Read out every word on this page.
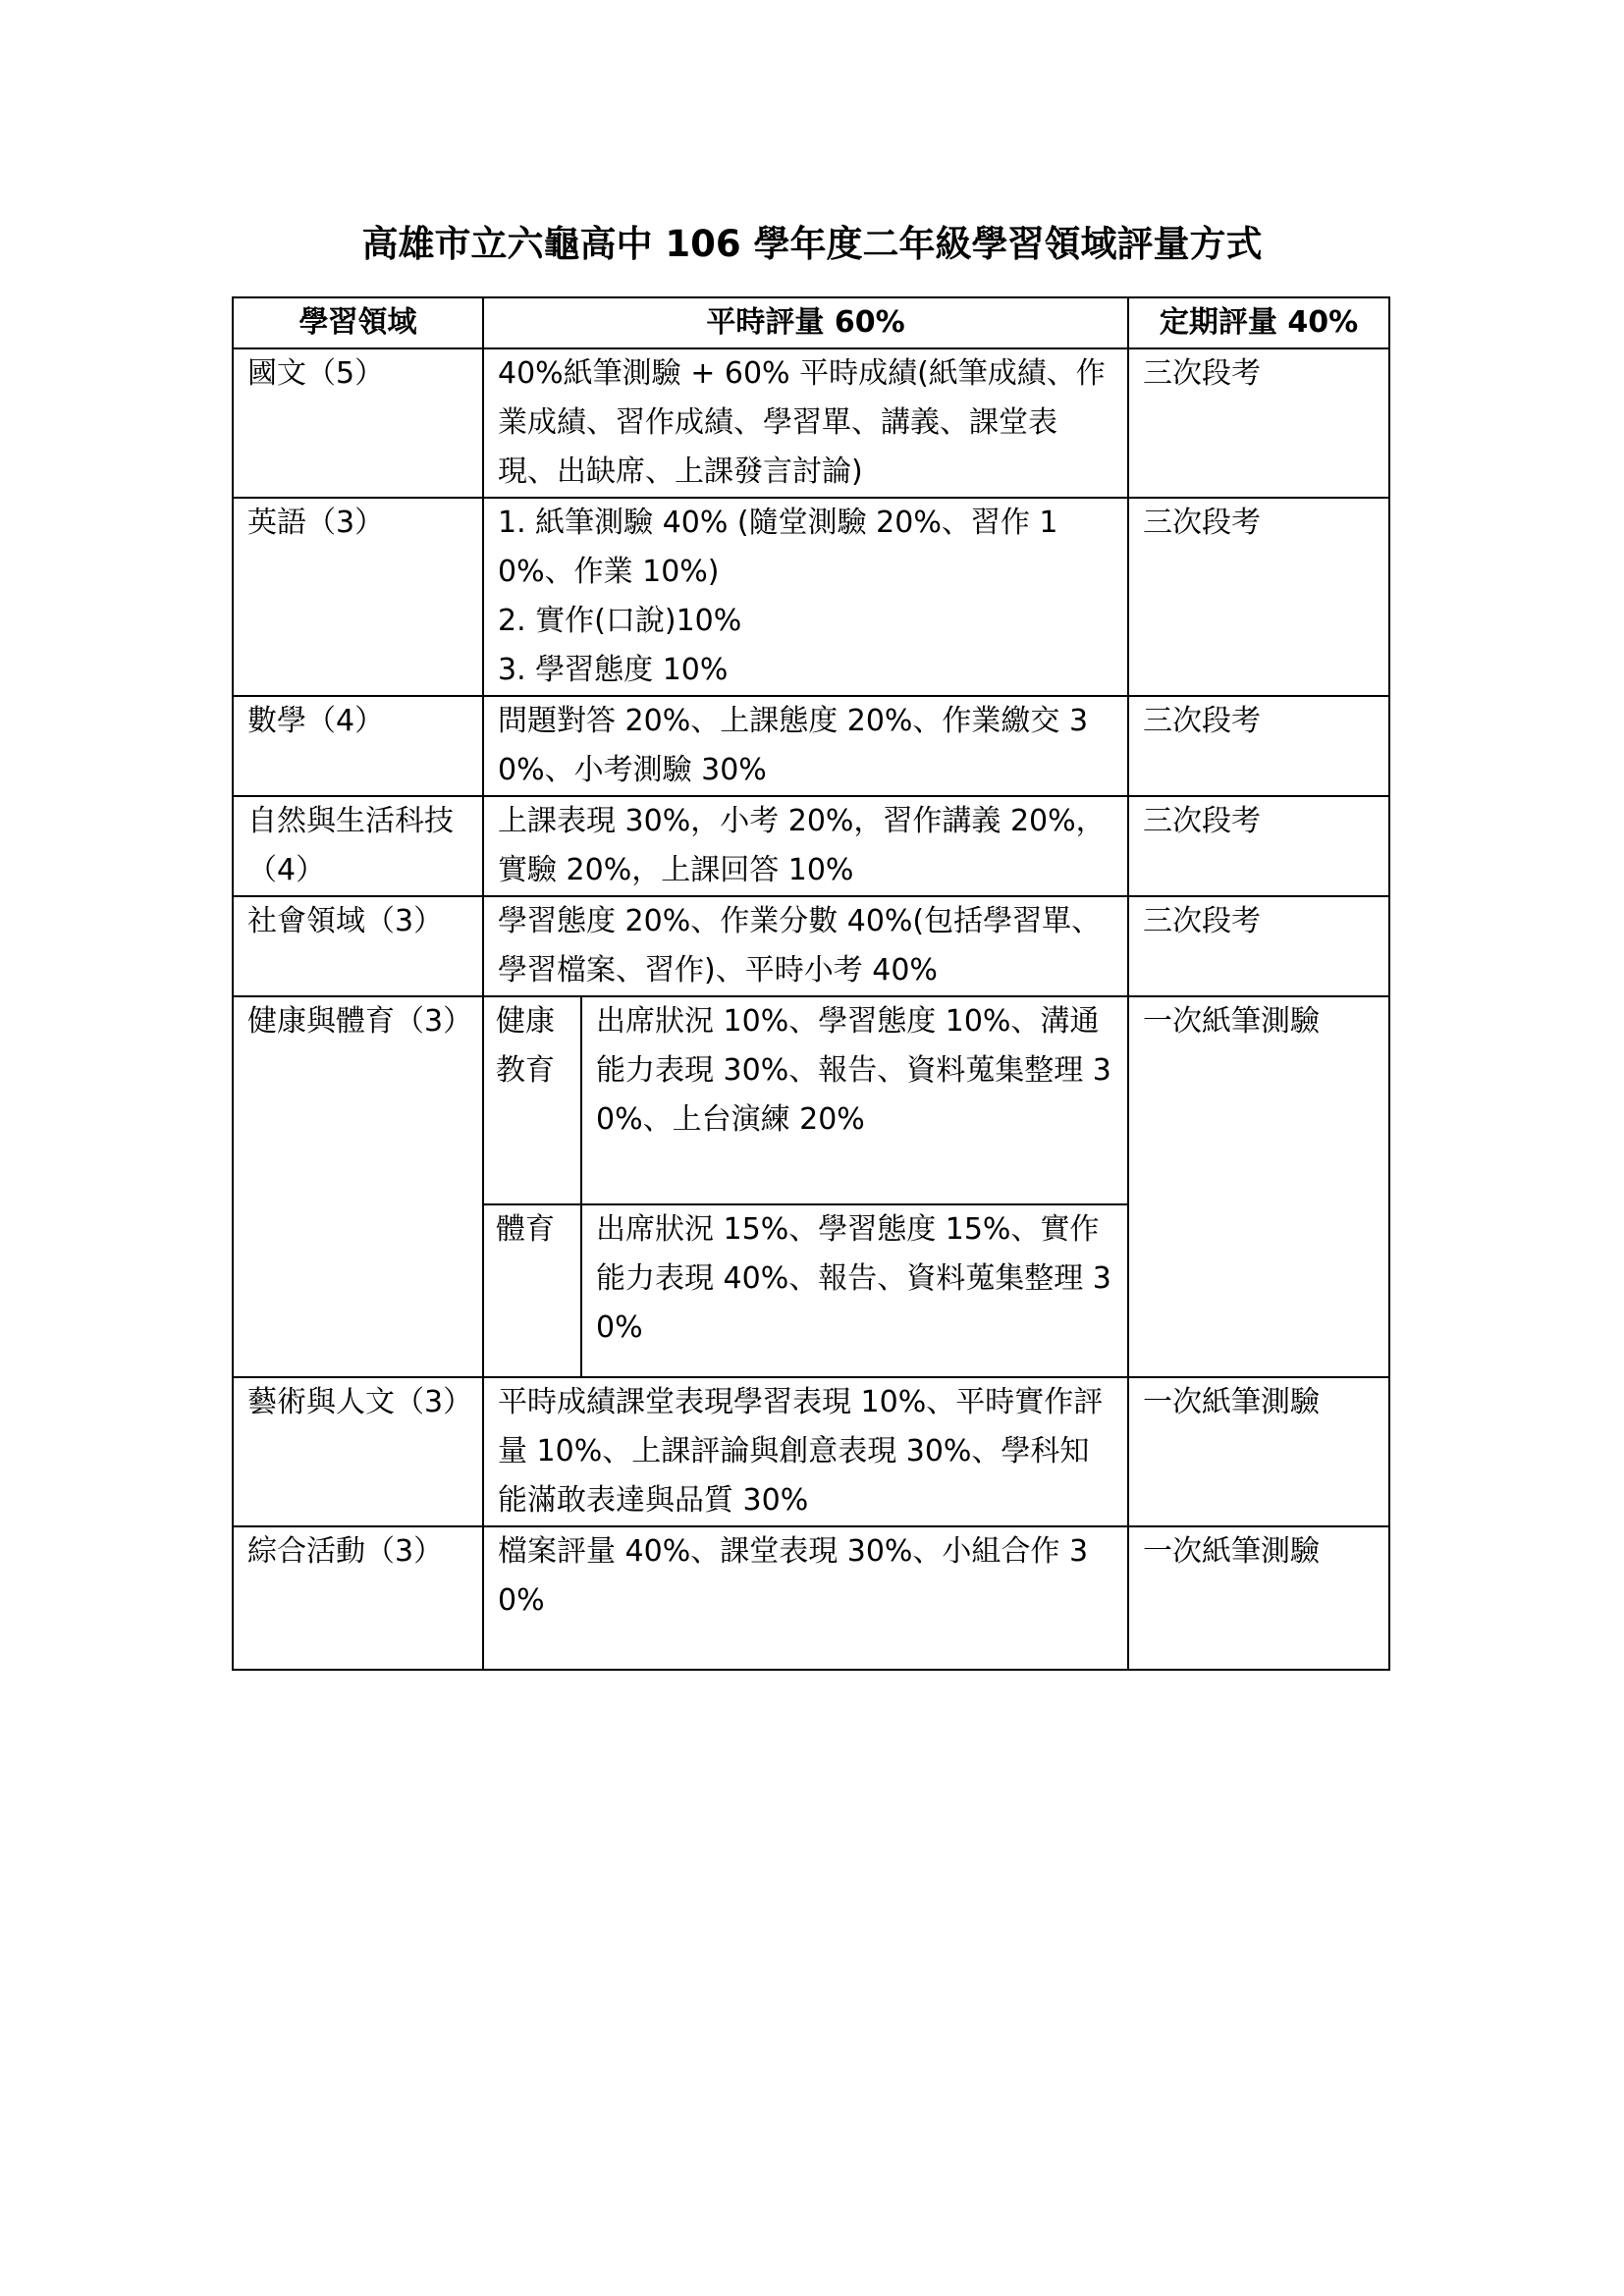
高雄市立六龜高中 106 學年度二年級學習領域評量方式
學習領域	平時評量 60%		定期評量 40%
國文（5）	40%紙筆測驗 + 60% 平時成績(紙筆成績、作業成績、習作成績、學習單、講義、課堂表現、出缺席、上課發言討論)		三次段考
英語（3）	1. 紙筆測驗 40% (隨堂測驗 20%、習作 10%、作業 10%)
2. 實作(口說)10%
3. 學習態度 10%		三次段考
數學（4）	問題對答 20%、上課態度 20%、作業繳交 30%、小考測驗 30%		三次段考
自然與生活科技（4）	上課表現 30%，小考 20%，習作講義 20%，實驗 20%，上課回答 10%		三次段考
社會領域（3）	學習態度 20%、作業分數 40%(包括學習單、學習檔案、習作)、平時小考 40%		三次段考
健康與體育（3）	健康教育	出席狀況 10%、學習態度 10%、溝通能力表現 30%、報告、資料蒐集整理 30%、上台演練 20%	一次紙筆測驗
	體育	出席狀況 15%、學習態度 15%、實作能力表現 40%、報告、資料蒐集整理 30%	
藝術與人文（3）	平時成績課堂表現學習表現 10%、平時實作評量 10%、上課評論與創意表現 30%、學科知能滿敢表達與品質 30%		一次紙筆測驗
綜合活動（3）	檔案評量 40%、課堂表現 30%、小組合作 30%		一次紙筆測驗
